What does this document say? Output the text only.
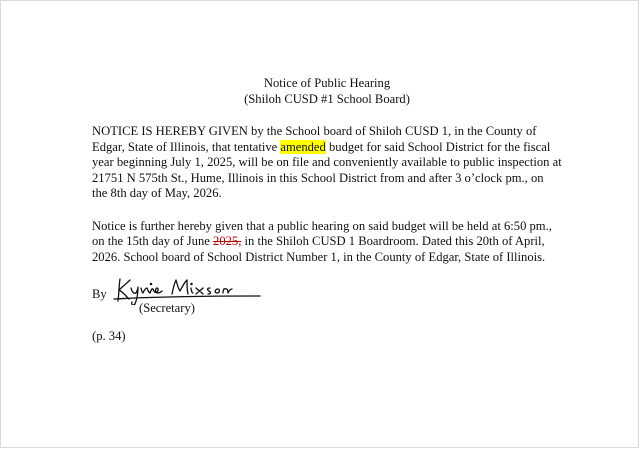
Notice of Public Hearing

(Shiloh CUSD #1 School Board)

NOTICE IS HEREBY GIVEN by the School board of Shiloh CUSD 1, in the County of Edgar, State of Illinois, that tentative amended budget for said School District for the fiscal year beginning July 1, 2025, will be on file and conveniently available to public inspection at 21751 N 575th St., Hume, Illinois in this School District from and after 3 o’clock pm., on the 8th day of May, 2026.

Notice is further hereby given that a public hearing on said budget will be held at 6:50 pm., on the 15th day of June 2025, in the Shiloh CUSD 1 Boardroom. Dated this 20th of April, 2026. School board of School District Number 1, in the County of Edgar, State of Illinois.

By
(Secretary)

(p. 34)
